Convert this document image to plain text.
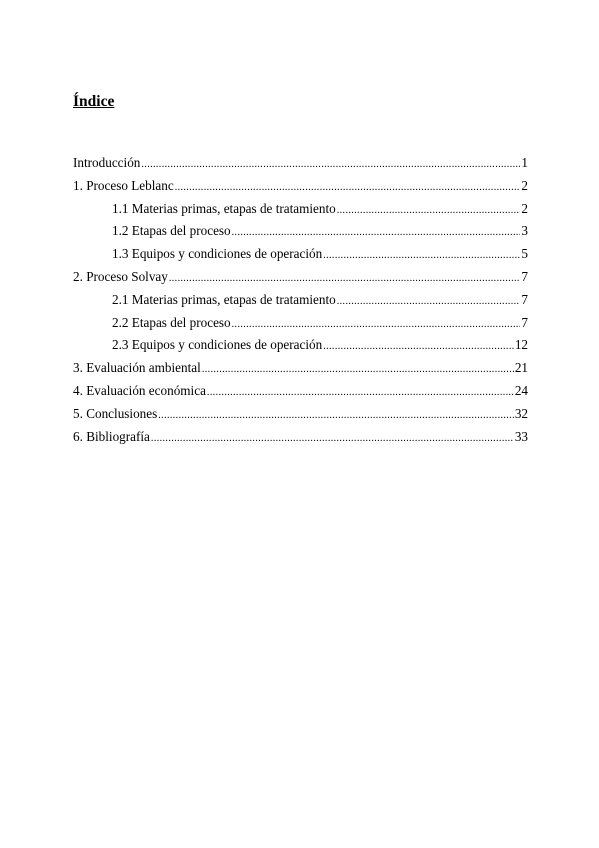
Índice
Introducción .....	1
1. Proceso Leblanc .....	2
1.1 Materias primas, etapas de tratamiento .....	2
1.2 Etapas del proceso .....	3
1.3 Equipos y condiciones de operación .....	5
2. Proceso Solvay .....	7
2.1 Materias primas, etapas de tratamiento .....	7
2.2 Etapas del proceso .....	7
2.3 Equipos y condiciones de operación .....	12
3. Evaluación ambiental .....	21
4. Evaluación económica .....	24
5. Conclusiones .....	32
6. Bibliografía .....	33
